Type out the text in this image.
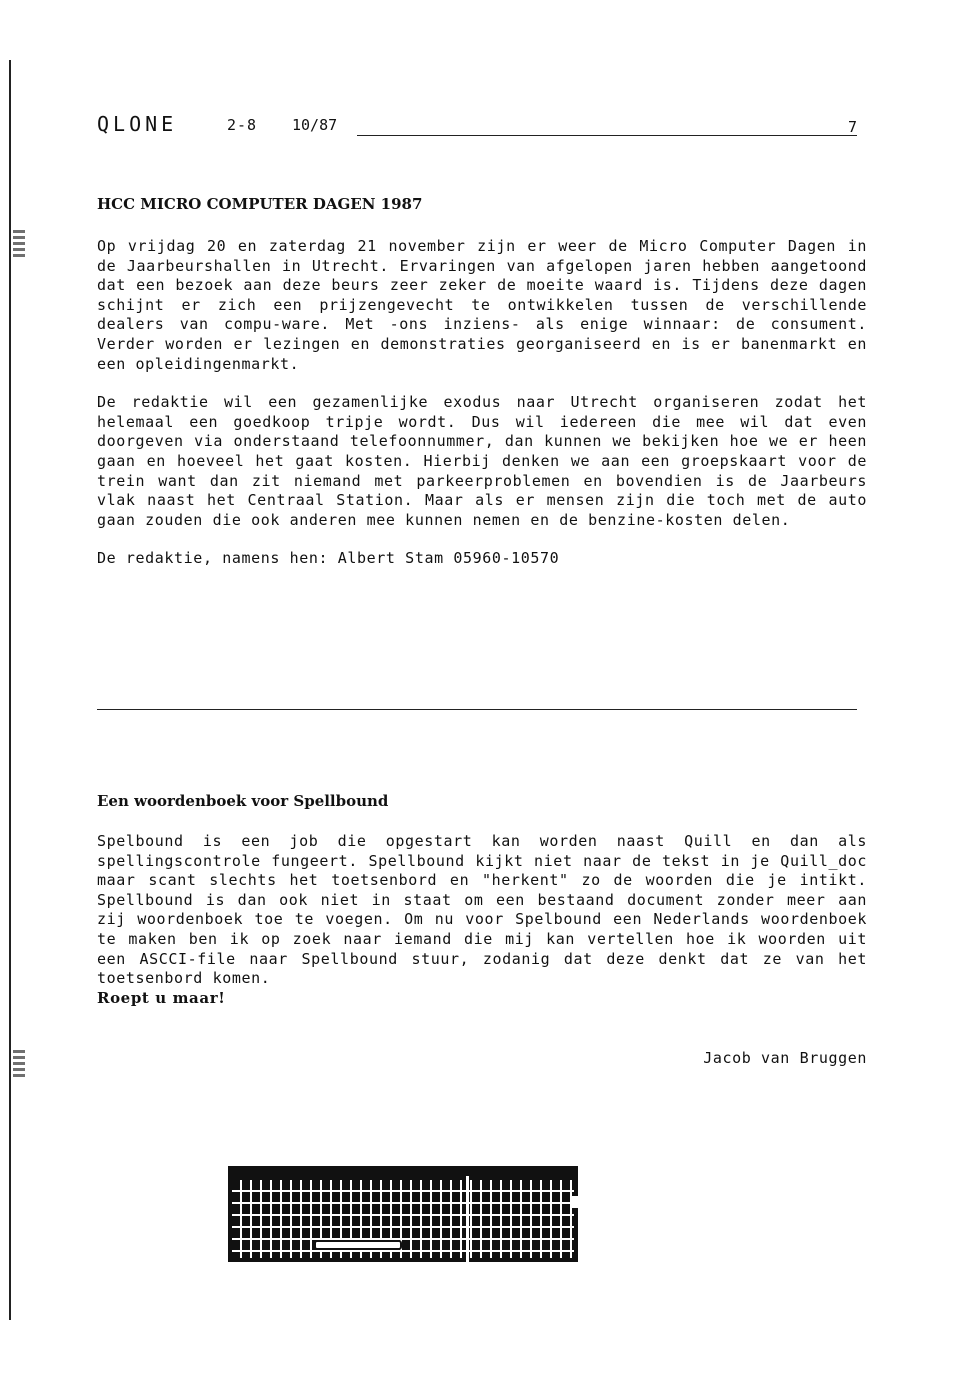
QLONE	2-8 10/87	7
HCC MICRO COMPUTER DAGEN 1987

Op vrijdag 20 en zaterdag 21 november zijn er weer de Micro Computer Dagen in de Jaarbeurshallen in Utrecht. Ervaringen van afgelopen jaren hebben aangetoond dat een bezoek aan deze beurs zeer zeker de moeite waard is. Tijdens deze dagen schijnt er zich een prijzengevecht te ontwikkelen tussen de verschillende dealers van compu-ware. Met -ons inziens- als enige winnaar: de consument. Verder worden er lezingen en demonstraties georganiseerd en is er banenmarkt en een opleidingenmarkt.

De redaktie wil een gezamenlijke exodus naar Utrecht organiseren zodat het helemaal een goedkoop tripje wordt. Dus wil iedereen die mee wil dat even doorgeven via onderstaand telefoonnummer, dan kunnen we bekijken hoe we er heen gaan en hoeveel het gaat kosten. Hierbij denken we aan een groepskaart voor de trein want dan zit niemand met parkeerproblemen en bovendien is de Jaarbeurs vlak naast het Centraal Station. Maar als er mensen zijn die toch met de auto gaan zouden die ook anderen mee kunnen nemen en de benzine-kosten delen.

De redaktie, namens hen: Albert Stam 05960-10570

Een woordenboek voor Spellbound

Spelbound is een job die opgestart kan worden naast Quill en dan als spellingscontrole fungeert. Spellbound kijkt niet naar de tekst in je Quill_doc maar scant slechts het toetsenbord en "herkent" zo de woorden die je intikt. Spellbound is dan ook niet in staat om een bestaand document zonder meer aan zij woordenboek toe te voegen. Om nu voor Spelbound een Nederlands woordenboek te maken ben ik op zoek naar iemand die mij kan vertellen hoe ik woorden uit een ASCCI-file naar Spellbound stuur, zodanig dat deze denkt dat ze van het toetsenbord komen.

Roept u maar!
Jacob van Bruggen
